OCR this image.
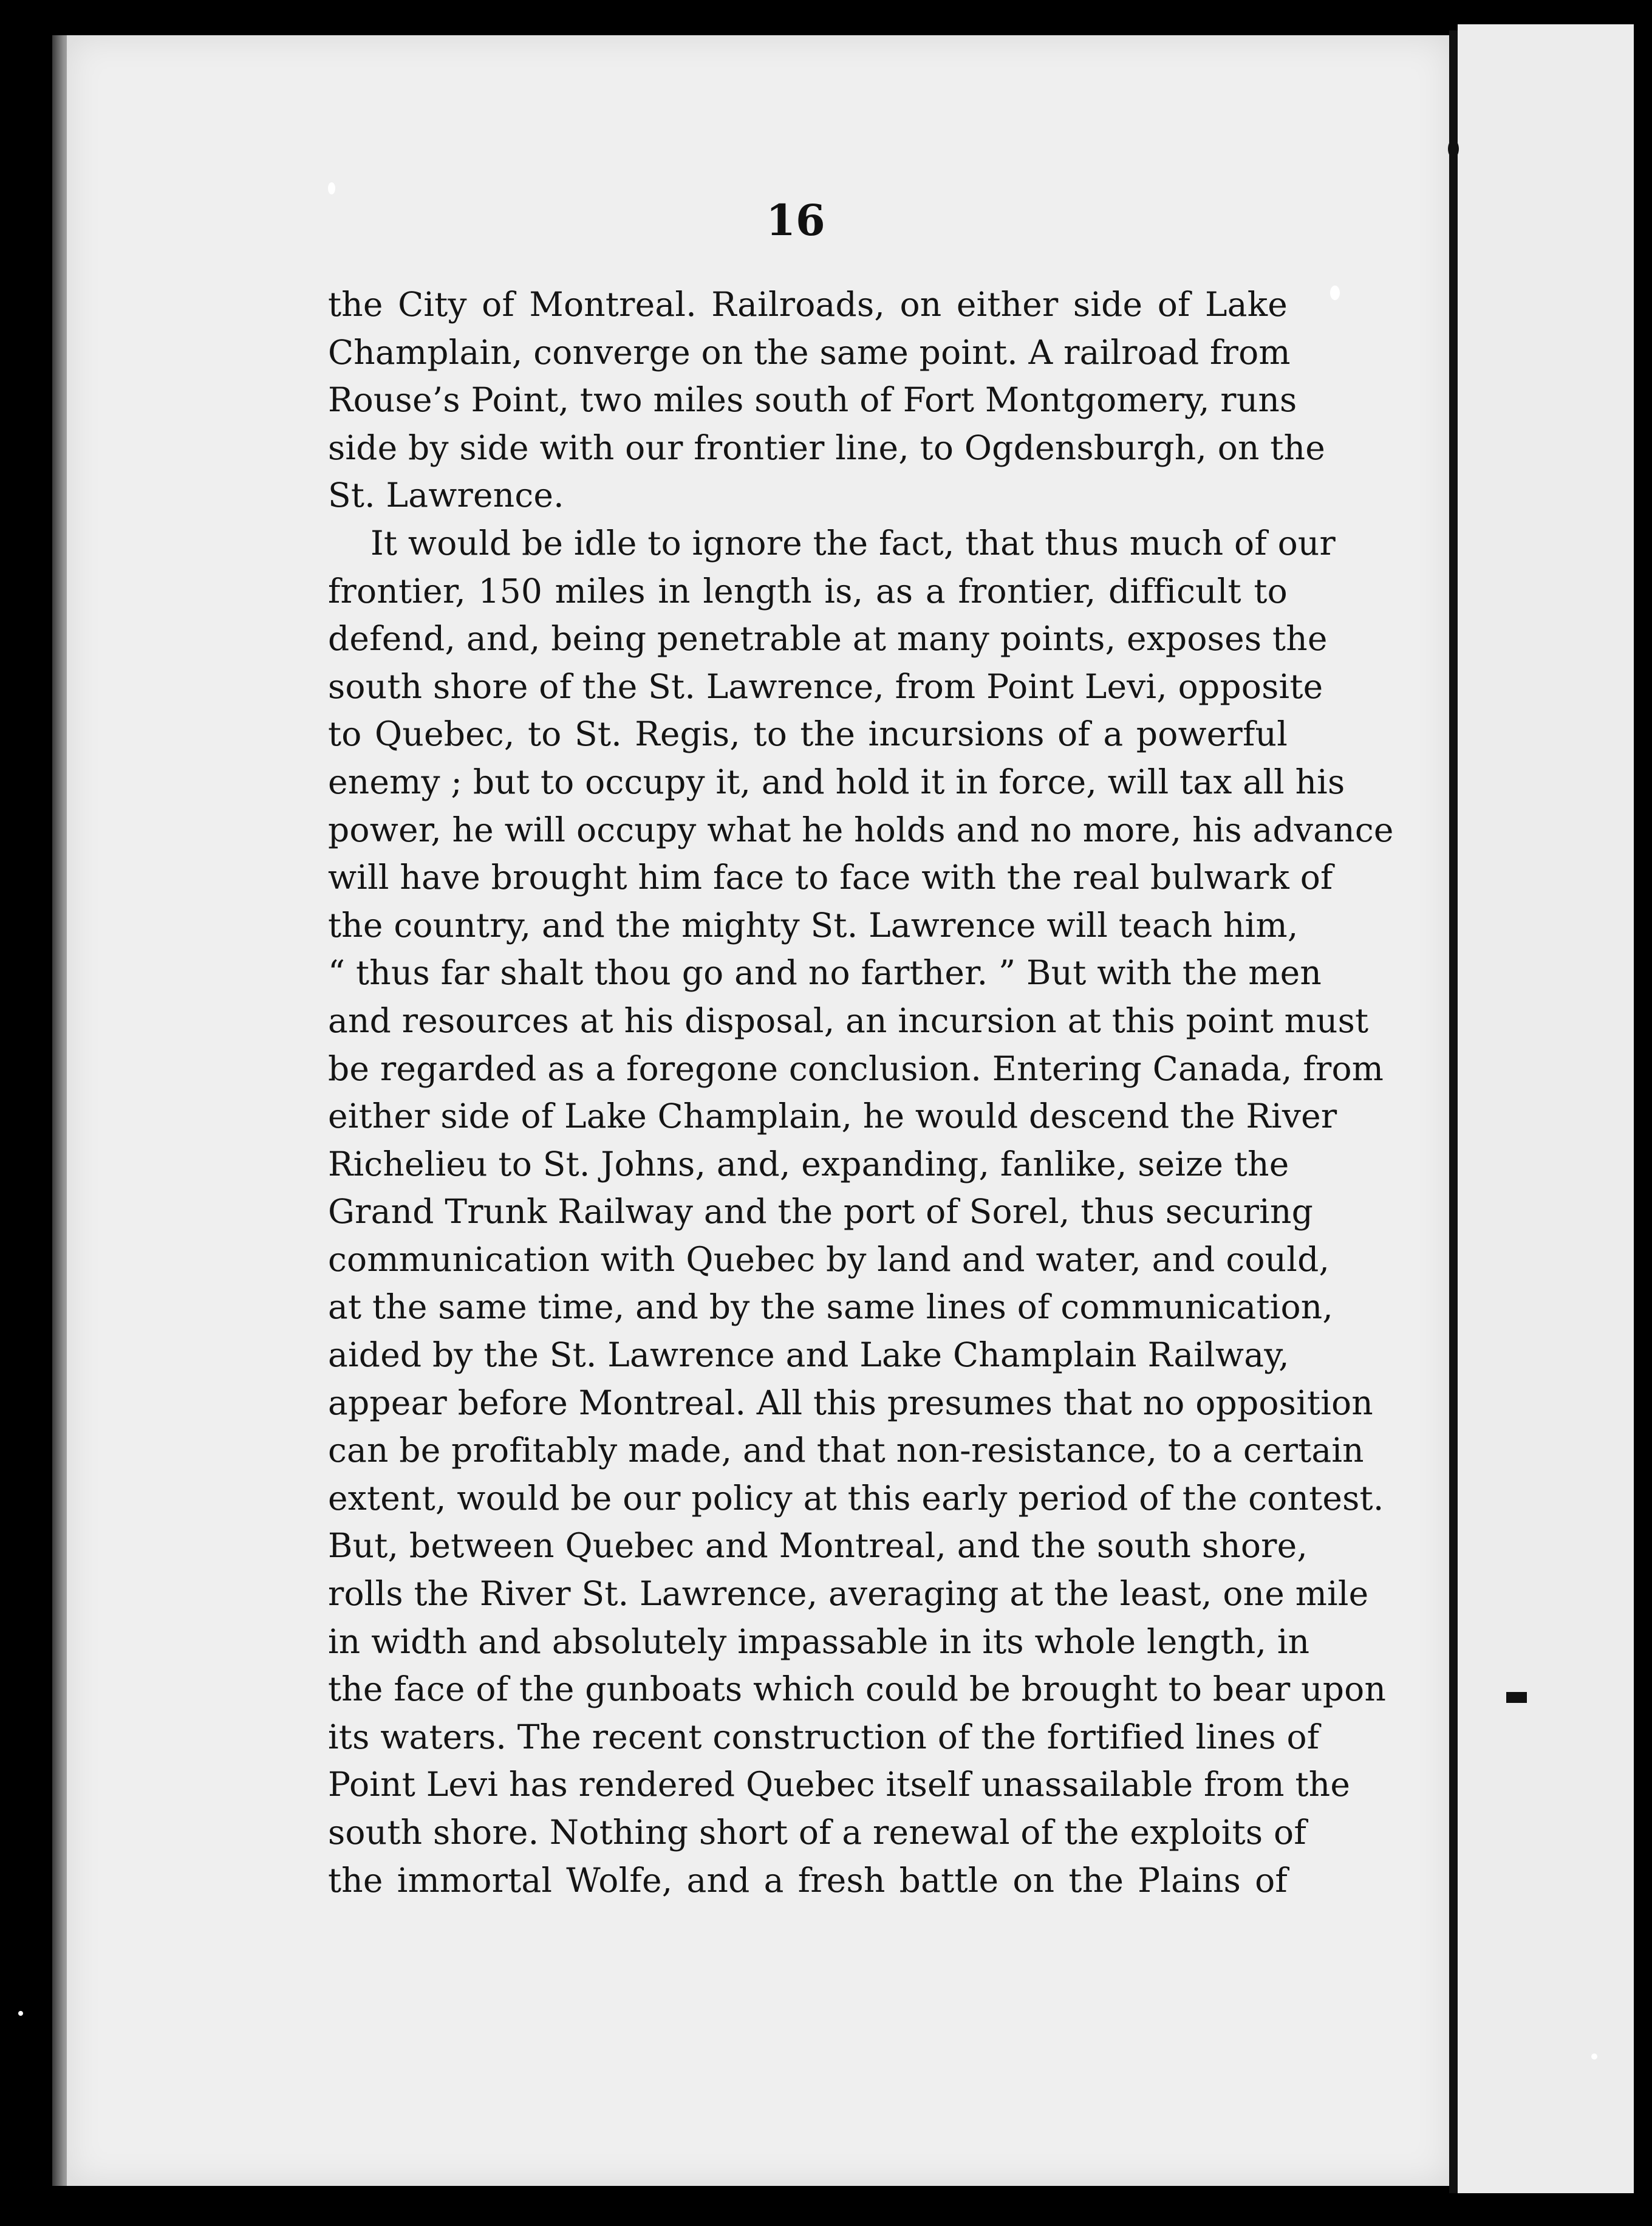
16
the City of Montreal. Railroads, on either side of Lake
Champlain, converge on the same point. A railroad from
Rouse’s Point, two miles south of Fort Montgomery, runs
side by side with our frontier line, to Ogdensburgh, on the
St. Lawrence.
It would be idle to ignore the fact, that thus much of our
frontier, 150 miles in length is, as a frontier, difficult to
defend, and, being penetrable at many points, exposes the
south shore of the St. Lawrence, from Point Levi, opposite
to Quebec, to St. Regis, to the incursions of a powerful
enemy ; but to occupy it, and hold it in force, will tax all his
power, he will occupy what he holds and no more, his advance
will have brought him face to face with the real bulwark of
the country, and the mighty St. Lawrence will teach him,
“ thus far shalt thou go and no farther. ” But with the men
and resources at his disposal, an incursion at this point must
be regarded as a foregone conclusion. Entering Canada, from
either side of Lake Champlain, he would descend the River
Richelieu to St. Johns, and, expanding, fanlike, seize the
Grand Trunk Railway and the port of Sorel, thus securing
communication with Quebec by land and water, and could,
at the same time, and by the same lines of communication,
aided by the St. Lawrence and Lake Champlain Railway,
appear before Montreal. All this presumes that no opposition
can be profitably made, and that non-resistance, to a certain
extent, would be our policy at this early period of the contest.
But, between Quebec and Montreal, and the south shore,
rolls the River St. Lawrence, averaging at the least, one mile
in width and absolutely impassable in its whole length, in
the face of the gunboats which could be brought to bear upon
its waters. The recent construction of the fortified lines of
Point Levi has rendered Quebec itself unassailable from the
south shore. Nothing short of a renewal of the exploits of
the immortal Wolfe, and a fresh battle on the Plains of
